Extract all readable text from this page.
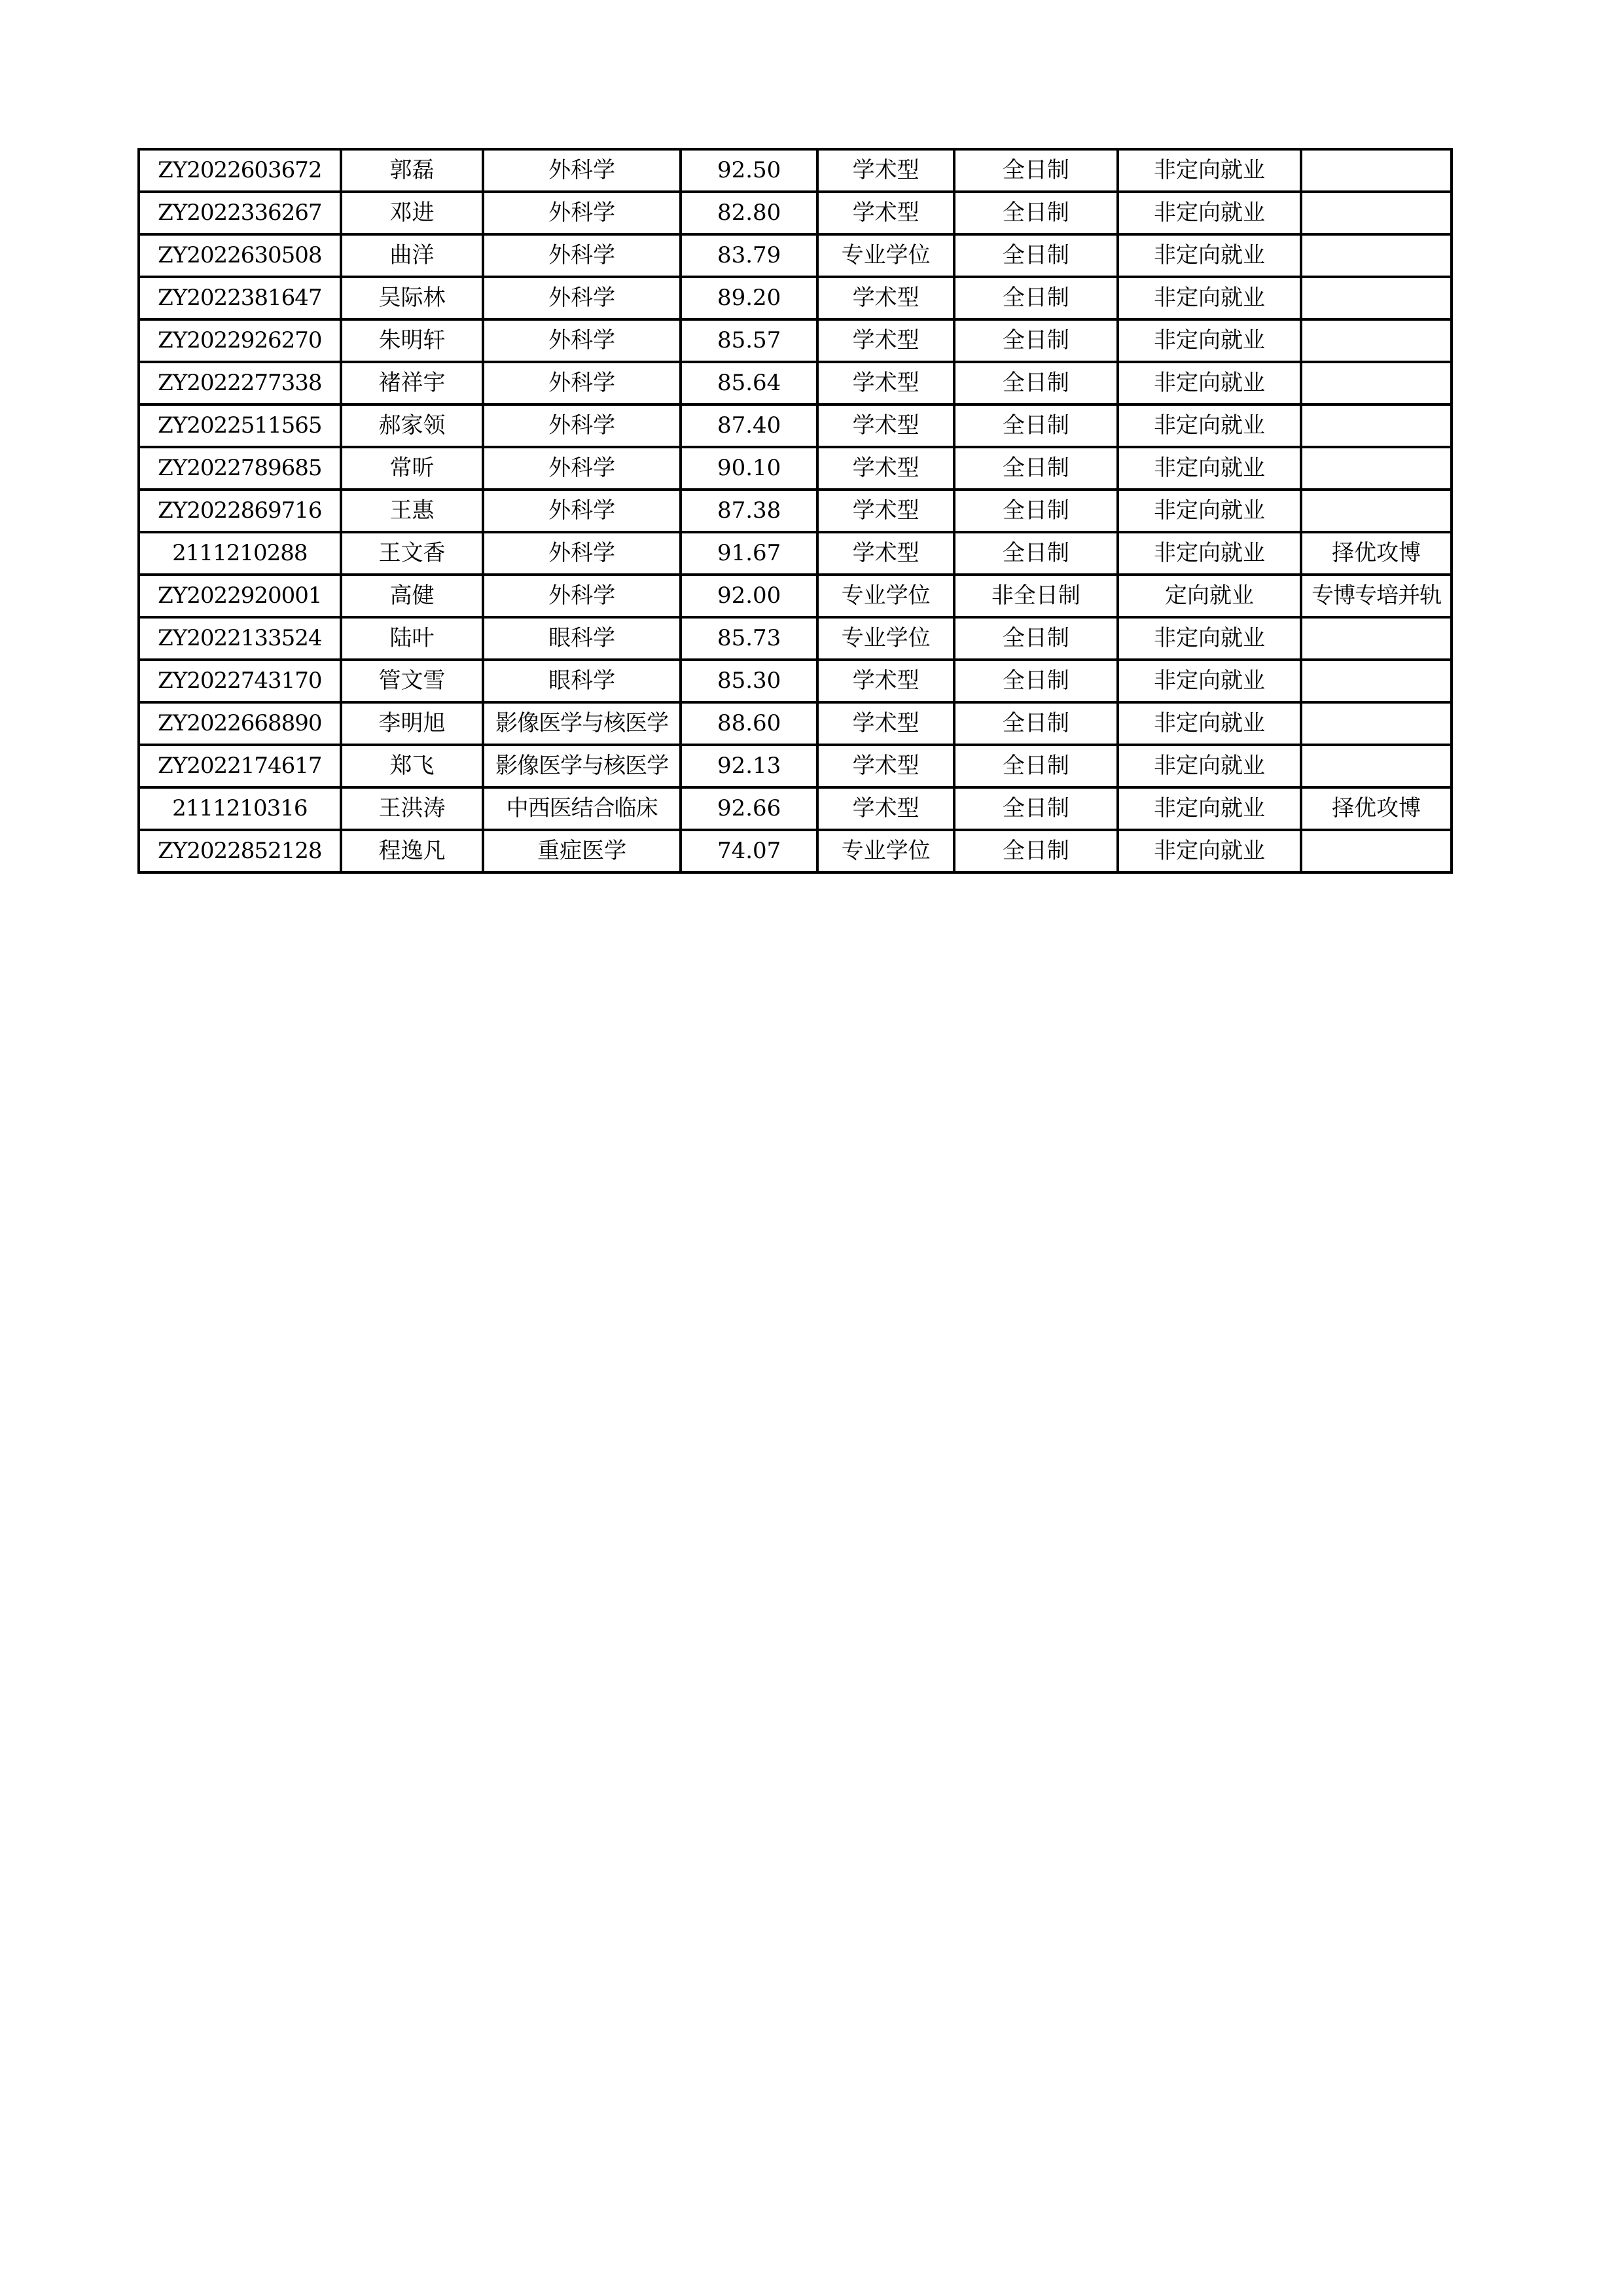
ZY2022603672	郭磊	外科学	92.50	学术型	全日制	非定向就业	
ZY2022336267	邓进	外科学	82.80	学术型	全日制	非定向就业	
ZY2022630508	曲洋	外科学	83.79	专业学位	全日制	非定向就业	
ZY2022381647	吴际林	外科学	89.20	学术型	全日制	非定向就业	
ZY2022926270	朱明轩	外科学	85.57	学术型	全日制	非定向就业	
ZY2022277338	褚祥宇	外科学	85.64	学术型	全日制	非定向就业	
ZY2022511565	郝家领	外科学	87.40	学术型	全日制	非定向就业	
ZY2022789685	常昕	外科学	90.10	学术型	全日制	非定向就业	
ZY2022869716	王惠	外科学	87.38	学术型	全日制	非定向就业	
2111210288	王文香	外科学	91.67	学术型	全日制	非定向就业	择优攻博
ZY2022920001	高健	外科学	92.00	专业学位	非全日制	定向就业	专博专培并轨
ZY2022133524	陆叶	眼科学	85.73	专业学位	全日制	非定向就业	
ZY2022743170	管文雪	眼科学	85.30	学术型	全日制	非定向就业	
ZY2022668890	李明旭	影像医学与核医学	88.60	学术型	全日制	非定向就业	
ZY2022174617	郑飞	影像医学与核医学	92.13	学术型	全日制	非定向就业	
2111210316	王洪涛	中西医结合临床	92.66	学术型	全日制	非定向就业	择优攻博
ZY2022852128	程逸凡	重症医学	74.07	专业学位	全日制	非定向就业	
